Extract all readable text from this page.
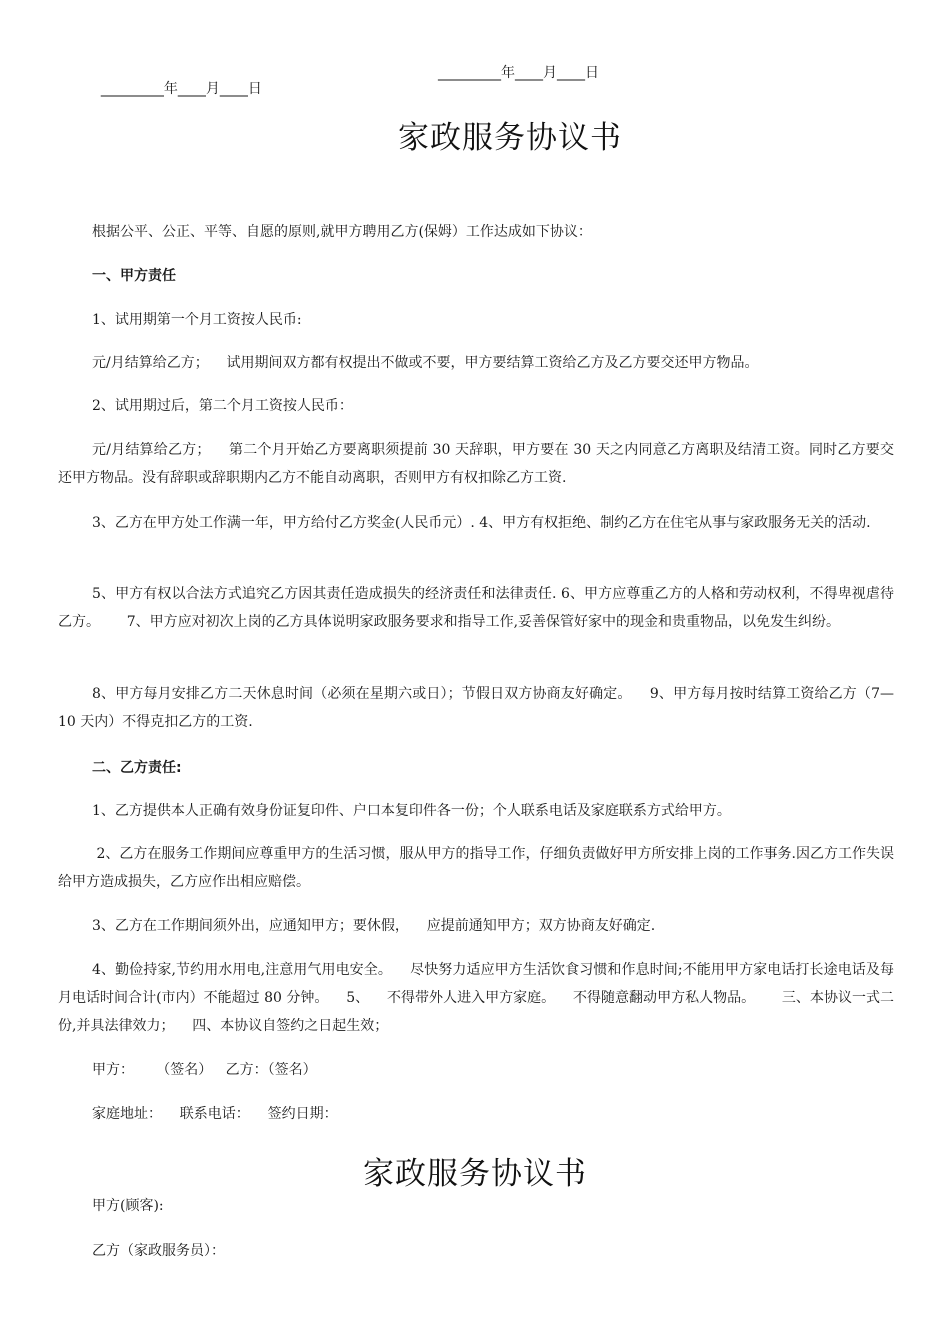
_________年____月____日

_________年____月____日

家政服务协议书
根据公平、公正、平等、自愿的原则,就甲方聘用乙方(保姆）工作达成如下协议：
一、甲方责任
1、试用期第一个月工资按人民币:
元/月结算给乙方；    试用期间双方都有权提出不做或不要，甲方要结算工资给乙方及乙方要交还甲方物品。
2、试用期过后，第二个月工资按人民币：
元/月结算给乙方；    第二个月开始乙方要离职须提前 30 天辞职，甲方要在 30 天之内同意乙方离职及结清工资。同时乙方要交还甲方物品。没有辞职或辞职期内乙方不能自动离职，否则甲方有权扣除乙方工资.
3、乙方在甲方处工作满一年，甲方给付乙方奖金(人民币元）. 4、甲方有权拒绝、制约乙方在住宅从事与家政服务无关的活动.
5、甲方有权以合法方式追究乙方因其责任造成损失的经济责任和法律责任. 6、甲方应尊重乙方的人格和劳动权利，不得卑视虐待乙方。      7、甲方应对初次上岗的乙方具体说明家政服务要求和指导工作,妥善保管好家中的现金和贵重物品，以免发生纠纷。
8、甲方每月安排乙方二天休息时间（必须在星期六或日）；节假日双方协商友好确定。    9、甲方每月按时结算工资给乙方（7—10 天内）不得克扣乙方的工资.
二、乙方责任:
1、乙方提供本人正确有效身份证复印件、户口本复印件各一份；个人联系电话及家庭联系方式给甲方。
2、乙方在服务工作期间应尊重甲方的生活习惯，服从甲方的指导工作，仔细负责做好甲方所安排上岗的工作事务.因乙方工作失误给甲方造成损失，乙方应作出相应赔偿。
3、乙方在工作期间须外出，应通知甲方；要休假，    应提前通知甲方；双方协商友好确定.
4、勤俭持家,节约用水用电,注意用气用电安全。    尽快努力适应甲方生活饮食习惯和作息时间;不能用甲方家电话打长途电话及每月电话时间合计(市内）不能超过 80 分钟。    5、    不得带外人进入甲方家庭。    不得随意翻动甲方私人物品。      三、本协议一式二份,并具法律效力；    四、本协议自签约之日起生效；
甲方：     （签名）   乙方：（签名）
家庭地址：    联系电话：    签约日期：
家政服务协议书
甲方(顾客):
乙方（家政服务员）：
